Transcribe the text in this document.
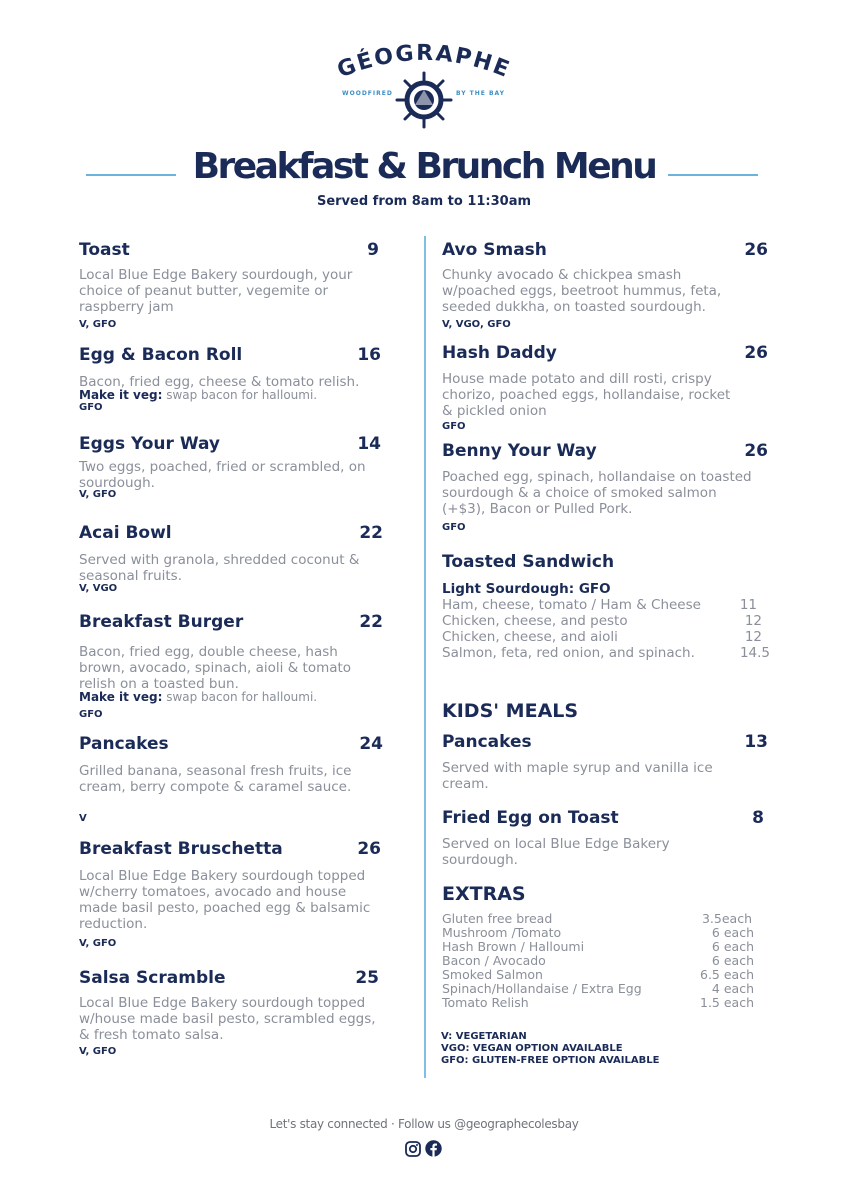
GÉOGRAPHE
WOODFIRED	BY THE BAY
Breakfast & Brunch Menu
Served from 8am to 11:30am
Toast	9
Local Blue Edge Bakery sourdough, your choice of peanut butter, vegemite or raspberry jam
V, GFO
Egg & Bacon Roll	16
Bacon, fried egg, cheese & tomato relish.
Make it veg: swap bacon for halloumi.
GFO
Eggs Your Way	14
Two eggs, poached, fried or scrambled, on sourdough.
V, GFO
Acai Bowl	22
Served with granola, shredded coconut & seasonal fruits.
V, VGO
Breakfast Burger	22
Bacon, fried egg, double cheese, hash brown, avocado, spinach, aioli & tomato relish on a toasted bun.
Make it veg: swap bacon for halloumi.
GFO
Pancakes	24
Grilled banana, seasonal fresh fruits, ice cream, berry compote & caramel sauce.
V
Breakfast Bruschetta	26
Local Blue Edge Bakery sourdough topped w/cherry tomatoes, avocado and house made basil pesto, poached egg & balsamic reduction.
V, GFO
Salsa Scramble	25
Local Blue Edge Bakery sourdough topped w/house made basil pesto, scrambled eggs, & fresh tomato salsa.
V, GFO
Avo Smash	26
Chunky avocado & chickpea smash w/poached eggs, beetroot hummus, feta, seeded dukkha, on toasted sourdough.
V, VGO, GFO
Hash Daddy	26
House made potato and dill rosti, crispy chorizo, poached eggs, hollandaise, rocket & pickled onion
GFO
Benny Your Way	26
Poached egg, spinach, hollandaise on toasted sourdough & a choice of smoked salmon (+$3), Bacon or Pulled Pork.
GFO
Toasted Sandwich
Light Sourdough: GFO
Ham, cheese, tomato / Ham & Cheese	11
Chicken, cheese, and pesto	12
Chicken, cheese, and aioli	12
Salmon, feta, red onion, and spinach.	14.5
KIDS' MEALS
Pancakes	13
Served with maple syrup and vanilla ice cream.
Fried Egg on Toast	8
Served on local Blue Edge Bakery sourdough.
EXTRAS
Gluten free bread	3.5each
Mushroom /Tomato	6 each
Hash Brown / Halloumi	6 each
Bacon / Avocado	6 each
Smoked Salmon	6.5 each
Spinach/Hollandaise / Extra Egg	4 each
Tomato Relish	1.5 each
V: VEGETARIAN
VGO: VEGAN OPTION AVAILABLE
GFO: GLUTEN-FREE OPTION AVAILABLE
Let's stay connected · Follow us @geographecolesbay
